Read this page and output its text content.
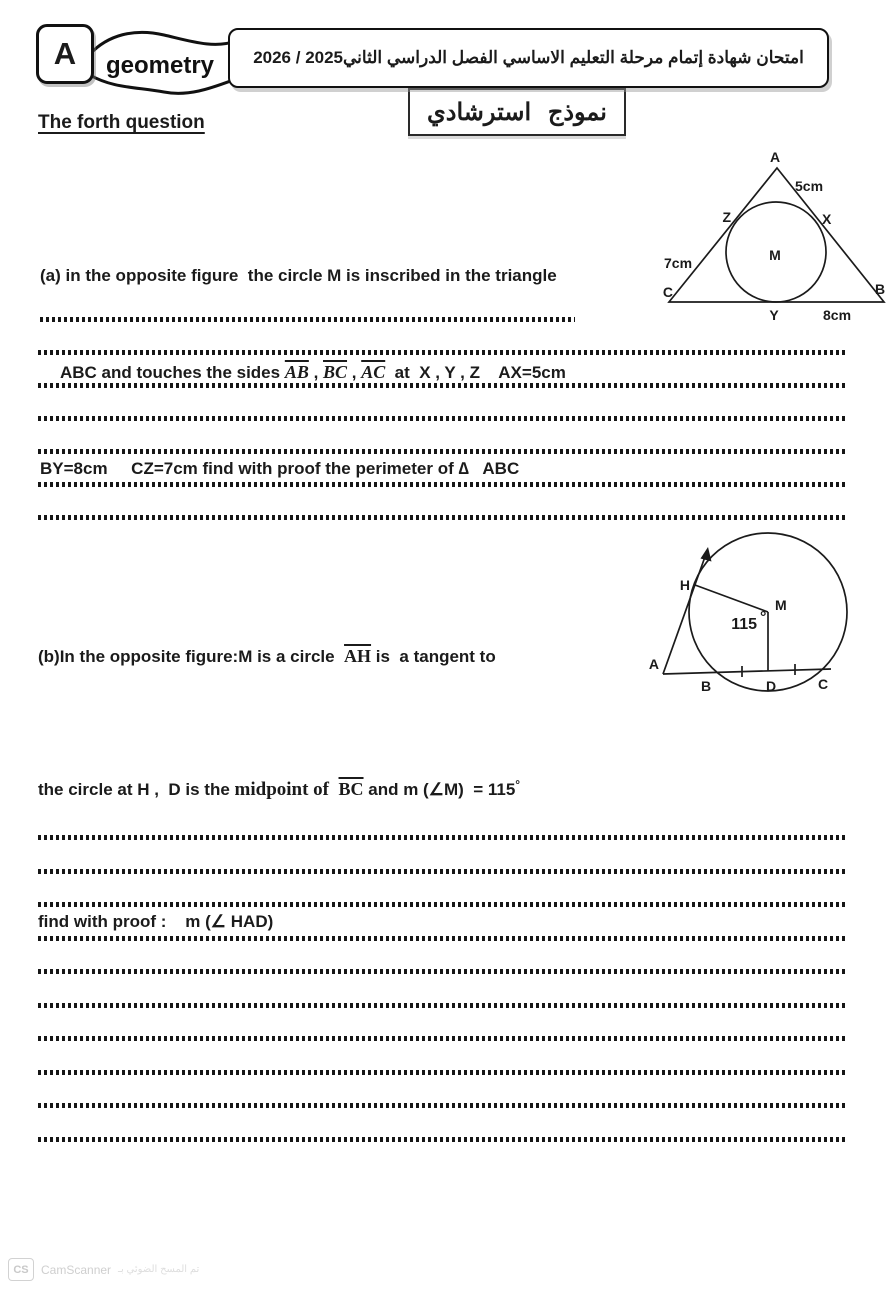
A geometry امتحان شهادة إتمام مرحلة التعليم الاساسي الفصل الدراسي الثاني2025 / 2026
نموذج استرشادي
The forth question

(a) in the opposite figure  the circle M is inscribed in the triangle

ABC and touches the sides $\overline{AB}$ , $\overline{BC}$ , $\overline{AC}$  at  X , Y , Z    AX=5cm

BY=8cm     CZ=7cm find with proof the perimeter of ∆   ABC

A
5cm
Z	X
M
7cm
C	B
Y	8cm

(b)In the opposite figure:M is a circle  $\overline{AH}$ is  a tangent to

the circle at H ,  D is the midpoint of  $\overline{BC}$ and m (∠M)  = 115°

find with proof :    m (∠ HAD)

H
M
115 °
A
B	D	C
CS	CamScanner تم المسح الضوئي بـ
